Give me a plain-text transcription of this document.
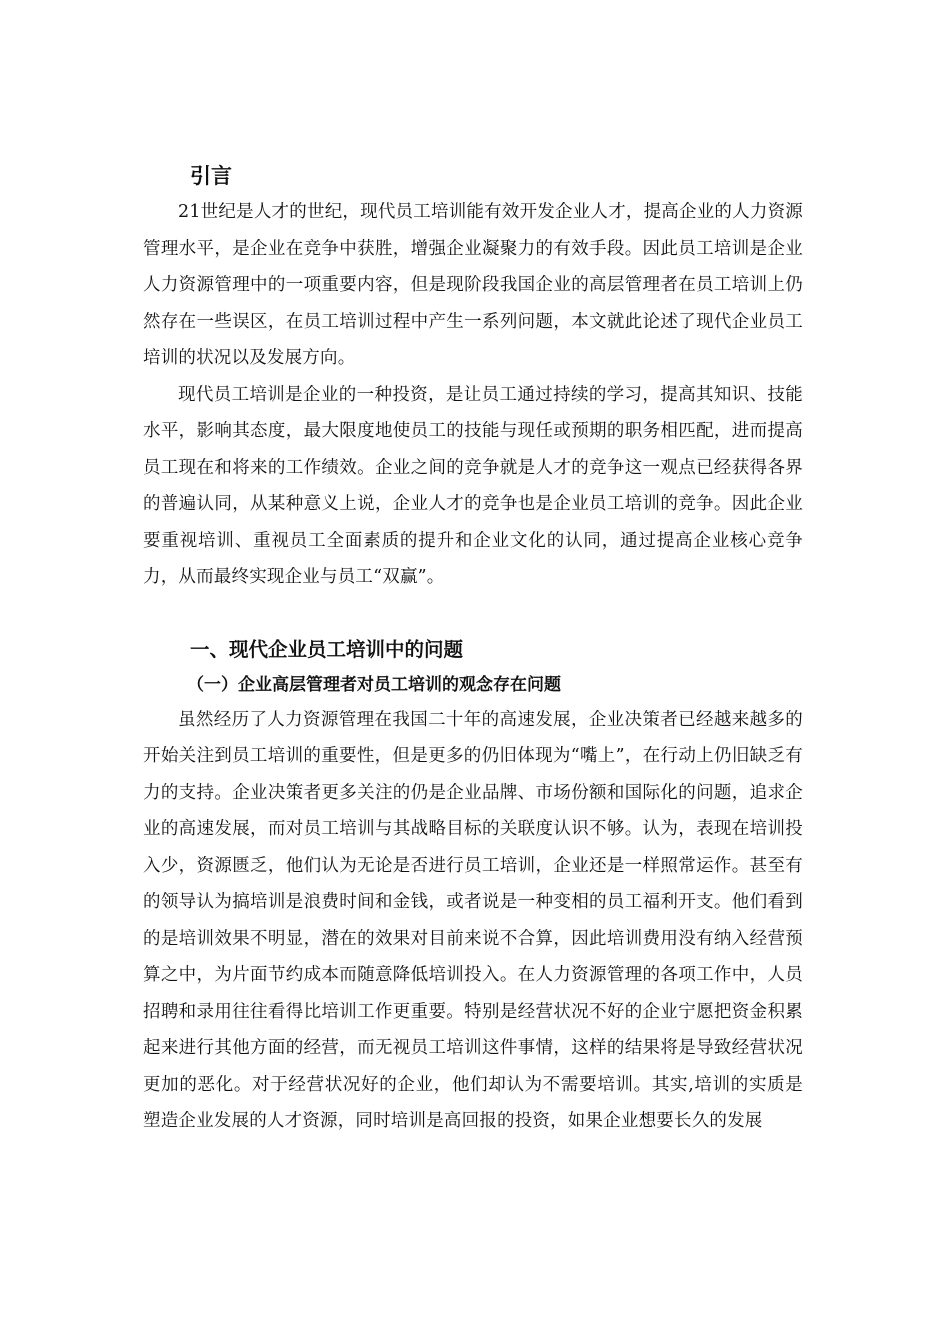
引言

21世纪是人才的世纪，现代员工培训能有效开发企业人才，提高企业的人力资源管理水平，是企业在竞争中获胜，增强企业凝聚力的有效手段。因此员工培训是企业人力资源管理中的一项重要内容，但是现阶段我国企业的高层管理者在员工培训上仍然存在一些误区，在员工培训过程中产生一系列问题，本文就此论述了现代企业员工培训的状况以及发展方向。

现代员工培训是企业的一种投资，是让员工通过持续的学习，提高其知识、技能水平，影响其态度，最大限度地使员工的技能与现任或预期的职务相匹配，进而提高员工现在和将来的工作绩效。企业之间的竞争就是人才的竞争这一观点已经获得各界的普遍认同，从某种意义上说，企业人才的竞争也是企业员工培训的竞争。因此企业要重视培训、重视员工全面素质的提升和企业文化的认同，通过提高企业核心竞争力，从而最终实现企业与员工“双赢”。

一、现代企业员工培训中的问题
（一）企业高层管理者对员工培训的观念存在问题

虽然经历了人力资源管理在我国二十年的高速发展，企业决策者已经越来越多的开始关注到员工培训的重要性，但是更多的仍旧体现为“嘴上”，在行动上仍旧缺乏有力的支持。企业决策者更多关注的仍是企业品牌、市场份额和国际化的问题，追求企业的高速发展，而对员工培训与其战略目标的关联度认识不够。认为，表现在培训投入少，资源匮乏，他们认为无论是否进行员工培训，企业还是一样照常运作。甚至有的领导认为搞培训是浪费时间和金钱，或者说是一种变相的员工福利开支。他们看到的是培训效果不明显，潜在的效果对目前来说不合算，因此培训费用没有纳入经营预算之中，为片面节约成本而随意降低培训投入。在人力资源管理的各项工作中，人员招聘和录用往往看得比培训工作更重要。特别是经营状况不好的企业宁愿把资金积累起来进行其他方面的经营，而无视员工培训这件事情，这样的结果将是导致经营状况更加的恶化。对于经营状况好的企业，他们却认为不需要培训。其实,培训的实质是塑造企业发展的人才资源，同时培训是高回报的投资，如果企业想要长久的发展
